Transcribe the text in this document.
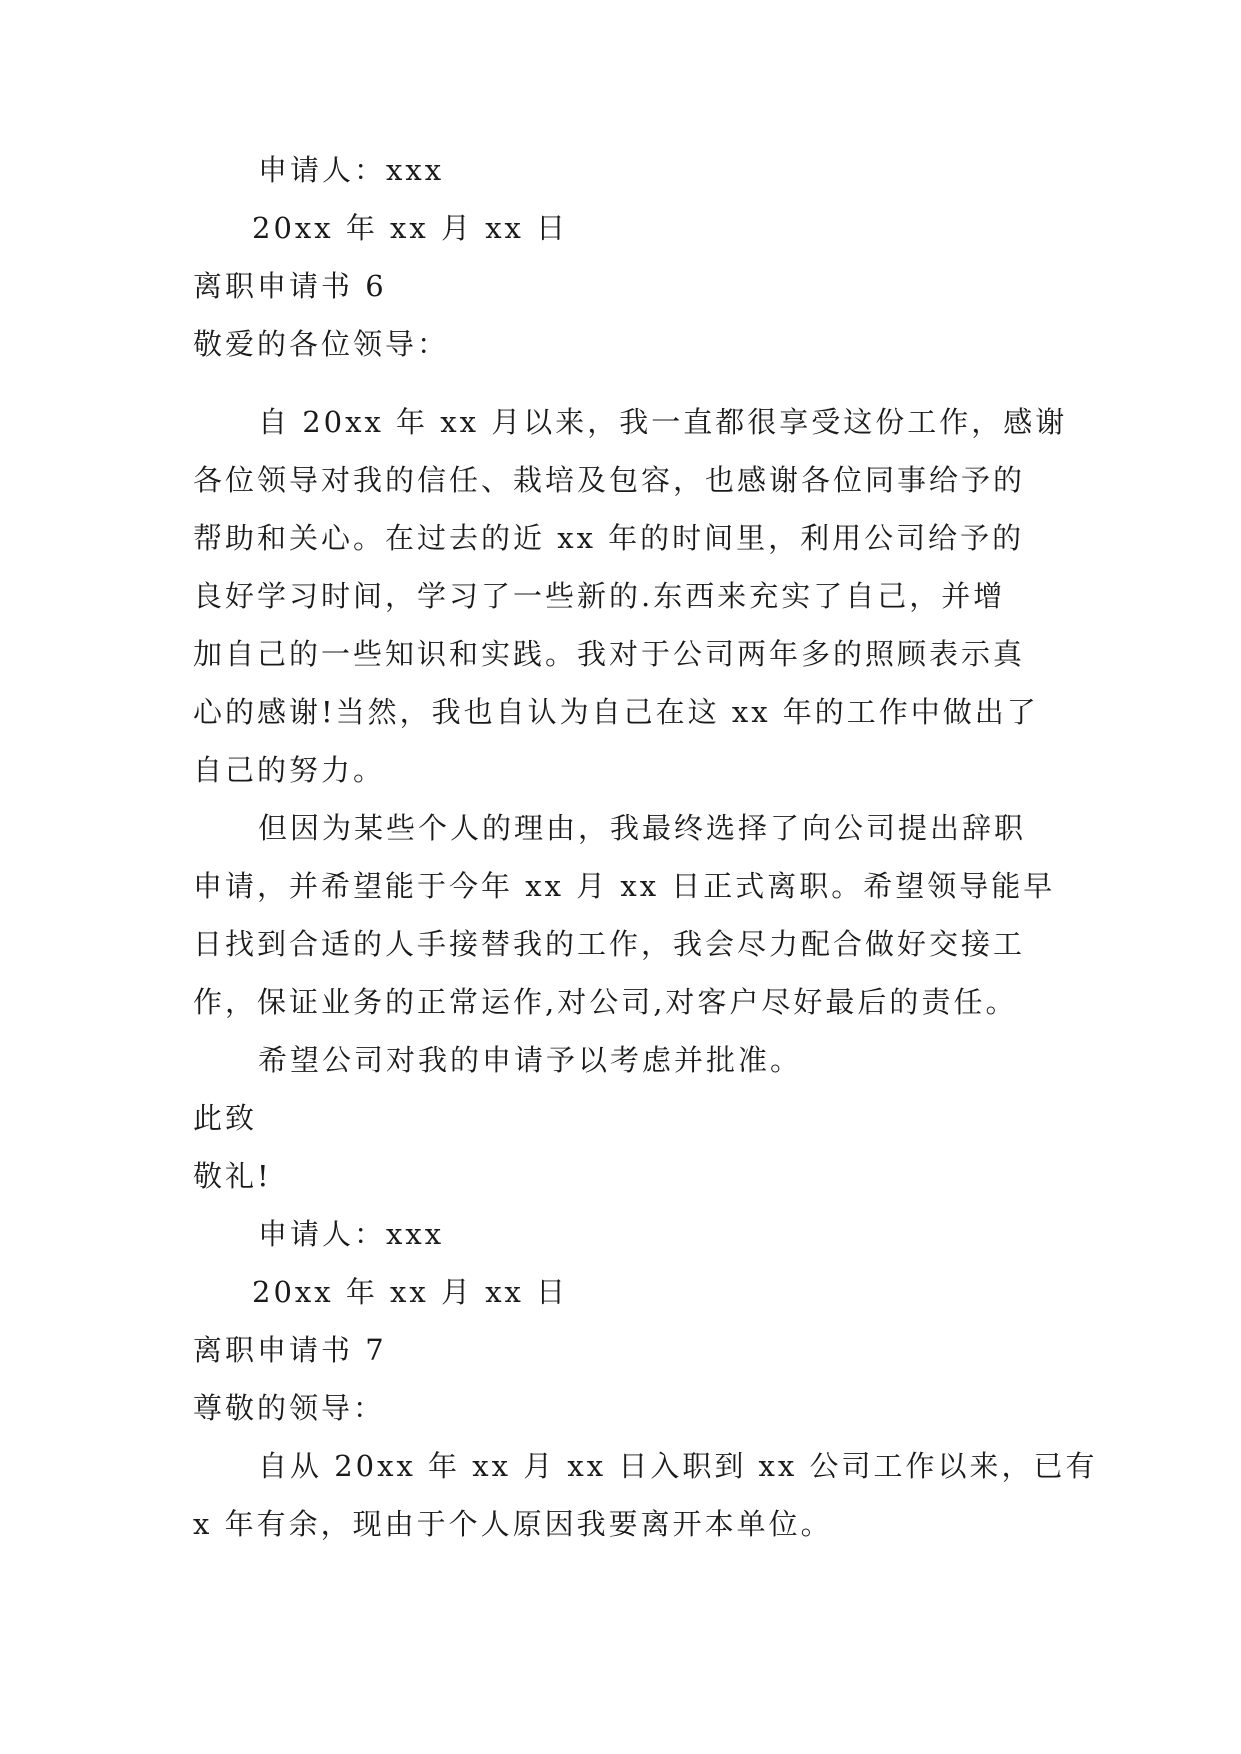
申请人：xxx
20xx 年 xx 月 xx 日
离职申请书 6
敬爱的各位领导：
自 20xx 年 xx 月以来，我一直都很享受这份工作，感谢
各位领导对我的信任、栽培及包容，也感谢各位同事给予的
帮助和关心。在过去的近 xx 年的时间里，利用公司给予的
良好学习时间，学习了一些新的.东西来充实了自己，并增
加自己的一些知识和实践。我对于公司两年多的照顾表示真
心的感谢!当然，我也自认为自己在这 xx 年的工作中做出了
自己的努力。
但因为某些个人的理由，我最终选择了向公司提出辞职
申请，并希望能于今年 xx 月 xx 日正式离职。希望领导能早
日找到合适的人手接替我的工作，我会尽力配合做好交接工
作，保证业务的正常运作,对公司,对客户尽好最后的责任。
希望公司对我的申请予以考虑并批准。
此致
敬礼!
申请人：xxx
20xx 年 xx 月 xx 日
离职申请书 7
尊敬的领导：
自从 20xx 年 xx 月 xx 日入职到 xx 公司工作以来，已有
x 年有余，现由于个人原因我要离开本单位。
